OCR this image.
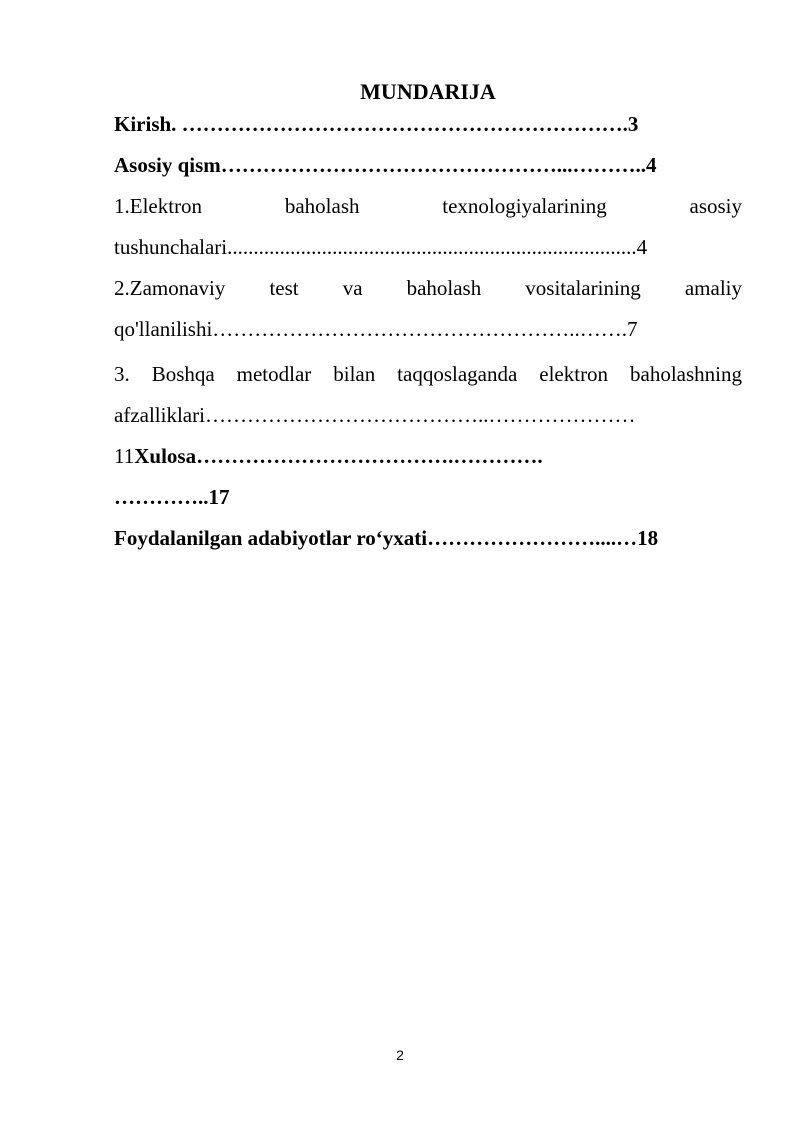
MUNDARIJA
Kirish. ……………………………………………………….3
Asosiy qism…………………………………………...………..4
1.Elektron baholash texnologiyalarining asosiy
tushunchalari..............................................................................4
2.Zamonaviy test va baholash vositalarining amaliy
qo'llanilishi……………………………………………..…….7
3. Boshqa metodlar bilan taqqoslaganda elektron baholashning
afzalliklari…………………………………..…………………
11Xulosa……………………………….………….
…………..17
Foydalanilgan adabiyotlar ro‘yxati……………………....…18
2
